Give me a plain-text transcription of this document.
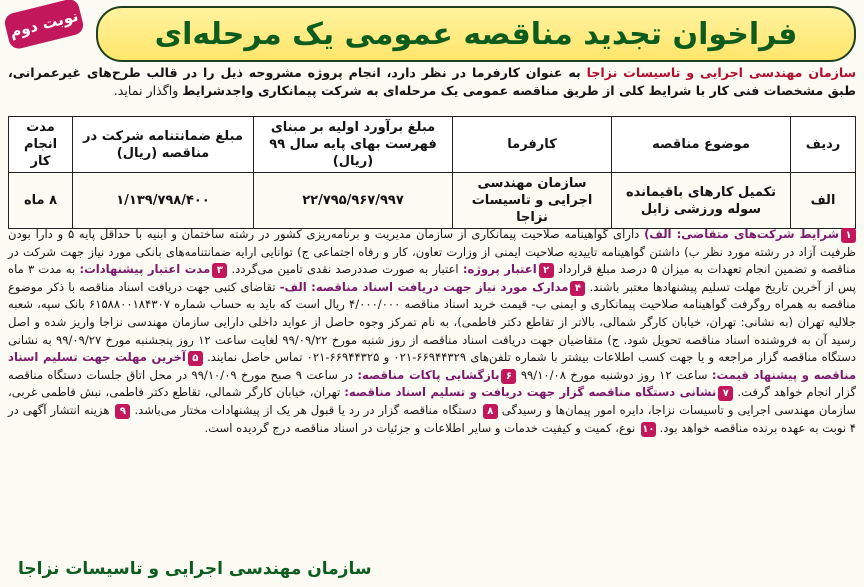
نوبت دوم فراخوان تجدید مناقصه عمومی یک مرحله‌ای
سازمان مهندسی اجرایی و تاسیسات نزاجا به عنوان کارفرما در نظر دارد، انجام پروژه مشروحه ذیل را در قالب طرح‌های غیرعمرانی، طبق مشخصات فنی کار با شرایط کلی از طریق مناقصه عمومی یک مرحله‌ای به شرکت پیمانکاری واجدشرایط واگذار نماید.
ردیف	موضوع مناقصه	کارفرما	مبلغ برآورد اولیه بر مبنای فهرست بهای پایه سال ۹۹ (ریال)	مبلغ ضمانتنامه شرکت در مناقصه (ریال)	مدت انجام کار
الف	تکمیل کارهای باقیمانده سوله ورزشی زابل	سازمان مهندسی اجرایی و تاسیسات نزاجا	۲۲/۷۹۵/۹۶۷/۹۹۷	۱/۱۳۹/۷۹۸/۴۰۰	۸ ماه
۱شرایط شرکت‌های متقاضی: الف) دارای گواهینامه صلاحیت پیمانکاری از سازمان مدیریت و برنامه‌ریزی کشور در رشته ساختمان و ابنیه با حداقل پایه ۵ و دارا بودن ظرفیت آزاد در رشته مورد نظر ب) داشتن گواهینامه تاییدیه صلاحیت ایمنی از وزارت تعاون، کار و رفاه اجتماعی ج) توانایی ارایه ضمانتنامه‌های بانکی مورد نیاز جهت شرکت در مناقصه و تضمین انجام تعهدات به میزان ۵ درصد مبلغ قرارداد ۲اعتبار پروژه: اعتبار به صورت صددرصد نقدی تامین می‌گردد. ۳مدت اعتبار پیشنهادات: به مدت ۳ ماه پس از آخرین تاریخ مهلت تسلیم پیشنهادها معتبر باشند. ۴مدارک مورد نیاز جهت دریافت اسناد مناقصه: الف- تقاضای کتبی جهت دریافت اسناد مناقصه با ذکر موضوع مناقصه به همراه روگرفت گواهینامه صلاحیت پیمانکاری و ایمنی ب- قیمت خرید اسناد مناقصه ۴/۰۰۰/۰۰۰ ریال است که باید به حساب شماره ۶۱۵۸۸۰۰۱۸۴۳۰۷ بانک سپه، شعبه جلالیه تهران (به نشانی: تهران، خیابان کارگر شمالی، بالاتر از تقاطع دکتر فاطمی)، به نام تمرکز وجوه حاصل از عواید داخلی دارایی سازمان مهندسی نزاجا واریز شده و اصل رسید آن به فروشنده اسناد مناقصه تحویل شود. ج) متقاضیان جهت دریافت اسناد مناقصه از روز شنبه مورخ ۹۹/۰۹/۲۲ لغایت ساعت ۱۲ روز پنجشنبه مورخ ۹۹/۰۹/۲۷ به نشانی دستگاه مناقصه گزار مراجعه و یا جهت کسب اطلاعات بیشتر با شماره تلفن‌های ۶۶۹۴۴۳۲۹-۰۲۱ و ۶۶۹۴۴۳۲۵-۰۲۱ تماس حاصل نمایند. ۵آخرین مهلت جهت تسلیم اسناد مناقصه و پیشنهاد قیمت: ساعت ۱۲ روز دوشنبه مورخ ۹۹/۱۰/۰۸ ۶بازگشایی پاکات مناقصه: در ساعت ۹ صبح مورخ ۹۹/۱۰/۰۹ در محل اتاق جلسات دستگاه مناقصه گزار انجام خواهد گرفت. ۷نشانی دستگاه مناقصه گزار جهت دریافت و تسلیم اسناد مناقصه: تهران، خیابان کارگر شمالی، تقاطع دکتر فاطمی، نبش فاطمی غربی، سازمان مهندسی اجرایی و تاسیسات نزاجا، دایره امور پیمان‌ها و رسیدگی ۸ دستگاه مناقصه گزار در رد یا قبول هر یک از پیشنهادات مختار می‌باشد. ۹ هزینه انتشار آگهی در ۴ نوبت به عهده برنده مناقصه خواهد بود. ۱۰ نوع، کمیت و کیفیت خدمات و سایر اطلاعات و جزئیات در اسناد مناقصه درج گردیده است.
سازمان مهندسی اجرایی و تاسیسات نزاجا
